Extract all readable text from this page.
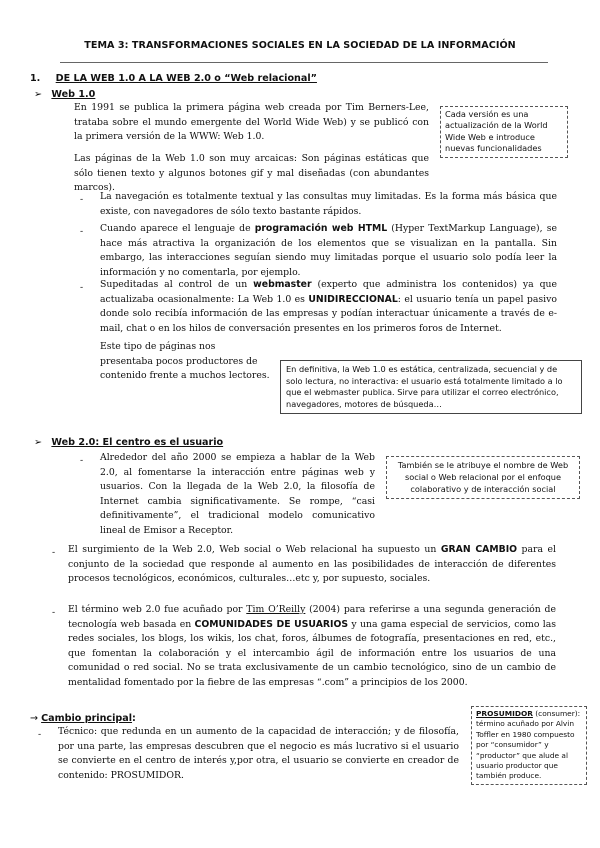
TEMA 3: TRANSFORMACIONES SOCIALES EN LA SOCIEDAD DE LA INFORMACIÓN
1. DE LA WEB 1.0 A LA WEB 2.0 o “Web relacional”
➢ Web 1.0

En 1991 se publica la primera página web creada por Tim Berners-Lee, tratabа sobre el mundo emergente del World Wide Web) y se publicó con la primera versión de la WWW: Web 1.0.

Las páginas de la Web 1.0 son muy arcaicas: Son páginas estáticas que sólo tienen texto y algunos botones gif y mal diseñadas (con abundantes marcos).

Cada versión es una actualización de la World Wide Web e introduce nuevas funcionalidades
- La navegación es totalmente textual y las consultas muy limitadas. Es la forma más básica que existe, con navegadores de sólo texto bastante rápidos.

- Cuando aparece el lenguaje de programación web HTML (Hyper TextMarkup Language), se hace más atractiva la organización de los elementos que se visualizan en la pantalla. Sin embargo, las interacciones seguían siendo muy limitadas porque el usuario solo podía leer la información y no comentarla, por ejemplo.

- Supeditadas al control de un webmaster (experto que administra los contenidos) ya que actualizaba ocasionalmente: La Web 1.0 es UNIDIRECCIONAL: el usuario tenía un papel pasivo donde solo recibía información de las empresas y podían interactuar únicamente a través de e-mail, chat o en los hilos de conversación presentes en los primeros foros de Internet.

Este tipo de páginas nos presentaba pocos productores de contenido frente a muchos lectores.

En definitiva, la Web 1.0 es estática, centralizada, secuencial y de solo lectura, no interactiva: el usuario está totalmente limitado a lo que el webmaster publica. Sirve para utilizar el correo electrónico, navegadores, motores de búsqueda…
➢ Web 2.0: El centro es el usuario
- Alrededor del año 2000 se empieza a hablar de la Web 2.0, al fomentarse la interacción entre páginas web y usuarios. Con la llegada de la Web 2.0, la filosofía de Internet cambia significativamente. Se rompe, “casi definitivamente”, el tradicional modelo comunicativo lineal de Emisor a Receptor.

También se le atribuye el nombre de Web social o Web relacional por el enfoque colaborativo y de interacción social
- El surgimiento de la Web 2.0, Web social o Web relacional ha supuesto un GRAN CAMBIO para el conjunto de la sociedad que responde al aumento en las posibilidades de interacción de diferentes procesos tecnológicos, económicos, culturales…etc y, por supuesto, sociales.

- El término web 2.0 fue acuñado por Tim O’Reilly (2004) para referirse a una segunda generación de tecnología web basada en COMUNIDADES DE USUARIOS y una gama especial de servicios, como las redes sociales, los blogs, los wikis, los chat, foros, álbumes de fotografía, presentaciones en red, etc., que fomentan la colaboración y el intercambio ágil de información entre los usuarios de una comunidad o red social. No se trata exclusivamente de un cambio tecnológico, sino de un cambio de mentalidad fomentado por la fiebre de las empresas “.com” a principios de los 2000.

→ Cambio principal:
- Técnico: que redunda en un aumento de la capacidad de interacción; y de filosofía, por una parte, las empresas descubren que el negocio es más lucrativo si el usuario se convierte en el centro de interés y,por otra, el usuario se convierte en creador de contenido: PROSUMIDOR.

PROSUMIDOR (consumer): término acuñado por Alvin Toffler en 1980 compuesto por “consumidor” y “productor” que alude al usuario productor que también produce.
